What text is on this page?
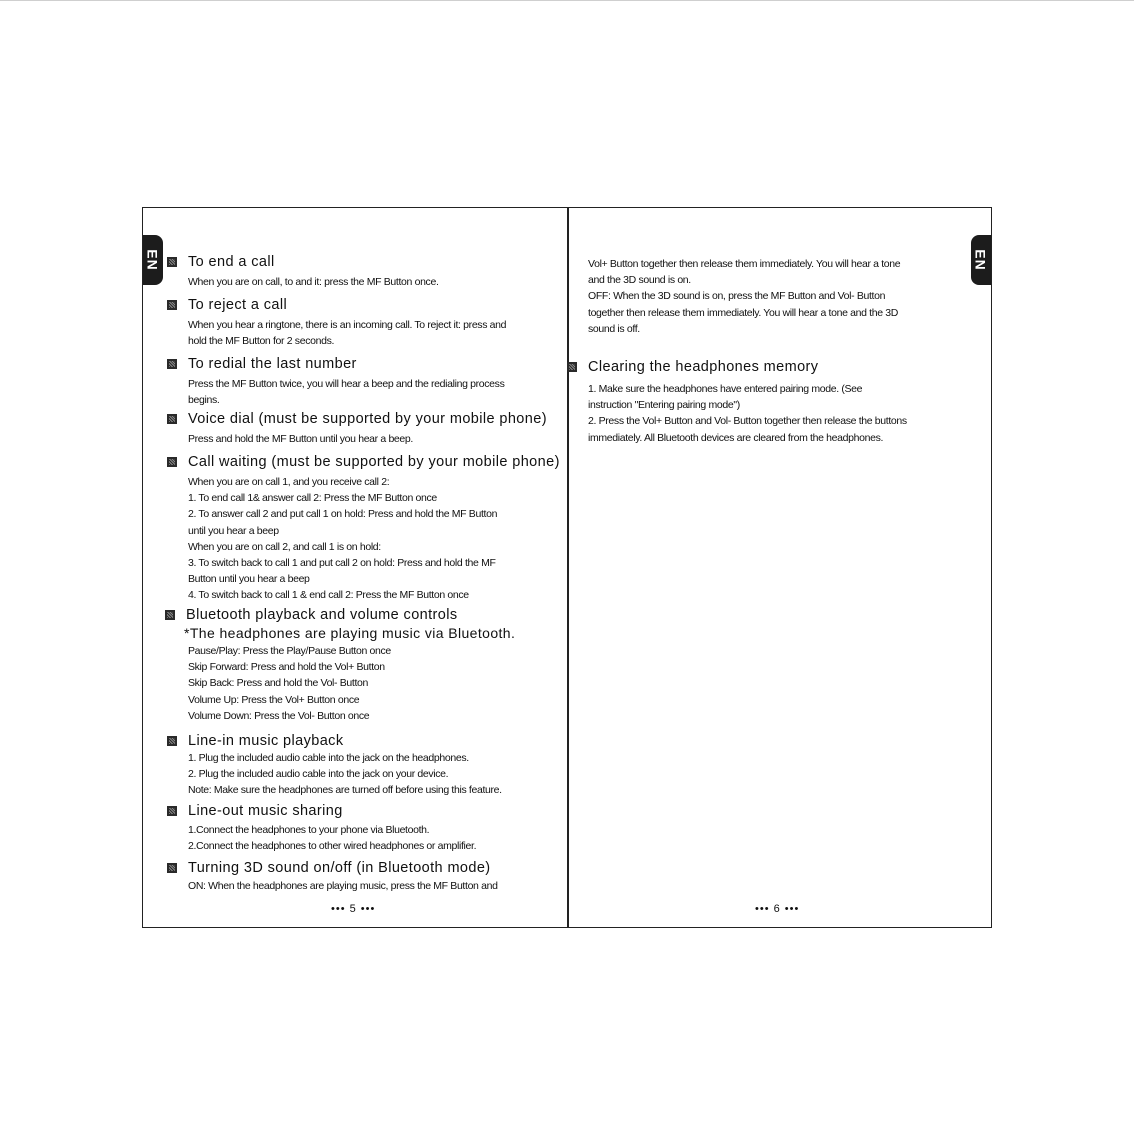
EN To end a call
When you are on call, to and it: press the MF Button once.
To reject a call
When you hear a ringtone, there is an incoming call. To reject it: press and
hold the MF Button for 2 seconds.
To redial the last number
Press the MF Button twice, you will hear a beep and the redialing process
begins.
Voice dial (must be supported by your mobile phone)
Press and hold the MF Button until you hear a beep.
Call waiting (must be supported by your mobile phone)
When you are on call 1, and you receive call 2:
1. To end call 1& answer call 2: Press the MF Button once
2. To answer call 2 and put call 1 on hold: Press and hold the MF Button
until you hear a beep
When you are on call 2, and call 1 is on hold:
3. To switch back to call 1 and put call 2 on hold: Press and hold the MF
Button until you hear a beep
4. To switch back to call 1 & end call 2: Press the MF Button once
Bluetooth playback and volume controls
*The headphones are playing music via Bluetooth.
Pause/Play: Press the Play/Pause Button once
Skip Forward: Press and hold the Vol+ Button
Skip Back: Press and hold the Vol- Button
Volume Up: Press the Vol+ Button once
Volume Down: Press the Vol- Button once
Line-in music playback
1. Plug the included audio cable into the jack on the headphones.
2. Plug the included audio cable into the jack on your device.
Note: Make sure the headphones are turned off before using this feature.
Line-out music sharing
1.Connect the headphones to your phone via Bluetooth.
2.Connect the headphones to other wired headphones or amplifier.
Turning 3D sound on/off (in Bluetooth mode)
ON: When the headphones are playing music, press the MF Button and
••• 5 •••
EN
Vol+ Button together then release them immediately. You will hear a tone
and the 3D sound is on.
OFF: When the 3D sound is on, press the MF Button and Vol- Button
together then release them immediately. You will hear a tone and the 3D
sound is off.
Clearing the headphones memory
1. Make sure the headphones have entered pairing mode. (See
instruction "Entering pairing mode")
2. Press the Vol+ Button and Vol- Button together then release the buttons
immediately. All Bluetooth devices are cleared from the headphones.
••• 6 •••
